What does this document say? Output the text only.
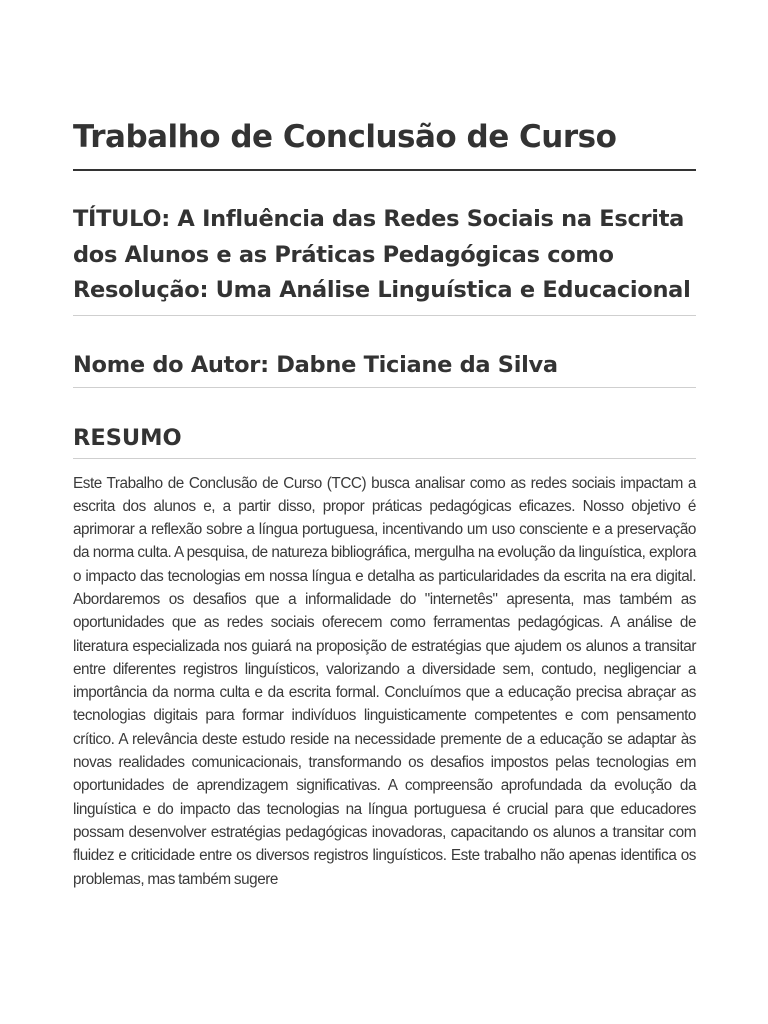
Trabalho de Conclusão de Curso
TÍTULO: A Influência das Redes Sociais na Escrita dos Alunos e as Práticas Pedagógicas como Resolução: Uma Análise Linguística e Educacional
Nome do Autor: Dabne Ticiane da Silva
RESUMO

Este Trabalho de Conclusão de Curso (TCC) busca analisar como as redes sociais impactam a escrita dos alunos e, a partir disso, propor práticas pedagógicas eficazes. Nosso objetivo é aprimorar a reflexão sobre a língua portuguesa, incentivando um uso consciente e a preservação da norma culta. A pesquisa, de natureza bibliográfica, mergulha na evolução da linguística, explora o impacto das tecnologias em nossa língua e detalha as particularidades da escrita na era digital. Abordaremos os desafios que a informalidade do "internetês" apresenta, mas também as oportunidades que as redes sociais oferecem como ferramentas pedagógicas. A análise de literatura especializada nos guiará na proposição de estratégias que ajudem os alunos a transitar entre diferentes registros linguísticos, valorizando a diversidade sem, contudo, negligenciar a importância da norma culta e da escrita formal. Concluímos que a educação precisa abraçar as tecnologias digitais para formar indivíduos linguisticamente competentes e com pensamento crítico. A relevância deste estudo reside na necessidade premente de a educação se adaptar às novas realidades comunicacionais, transformando os desafios impostos pelas tecnologias em oportunidades de aprendizagem significativas. A compreensão aprofundada da evolução da linguística e do impacto das tecnologias na língua portuguesa é crucial para que educadores possam desenvolver estratégias pedagógicas inovadoras, capacitando os alunos a transitar com fluidez e criticidade entre os diversos registros linguísticos. Este trabalho não apenas identifica os problemas, mas também sugere
